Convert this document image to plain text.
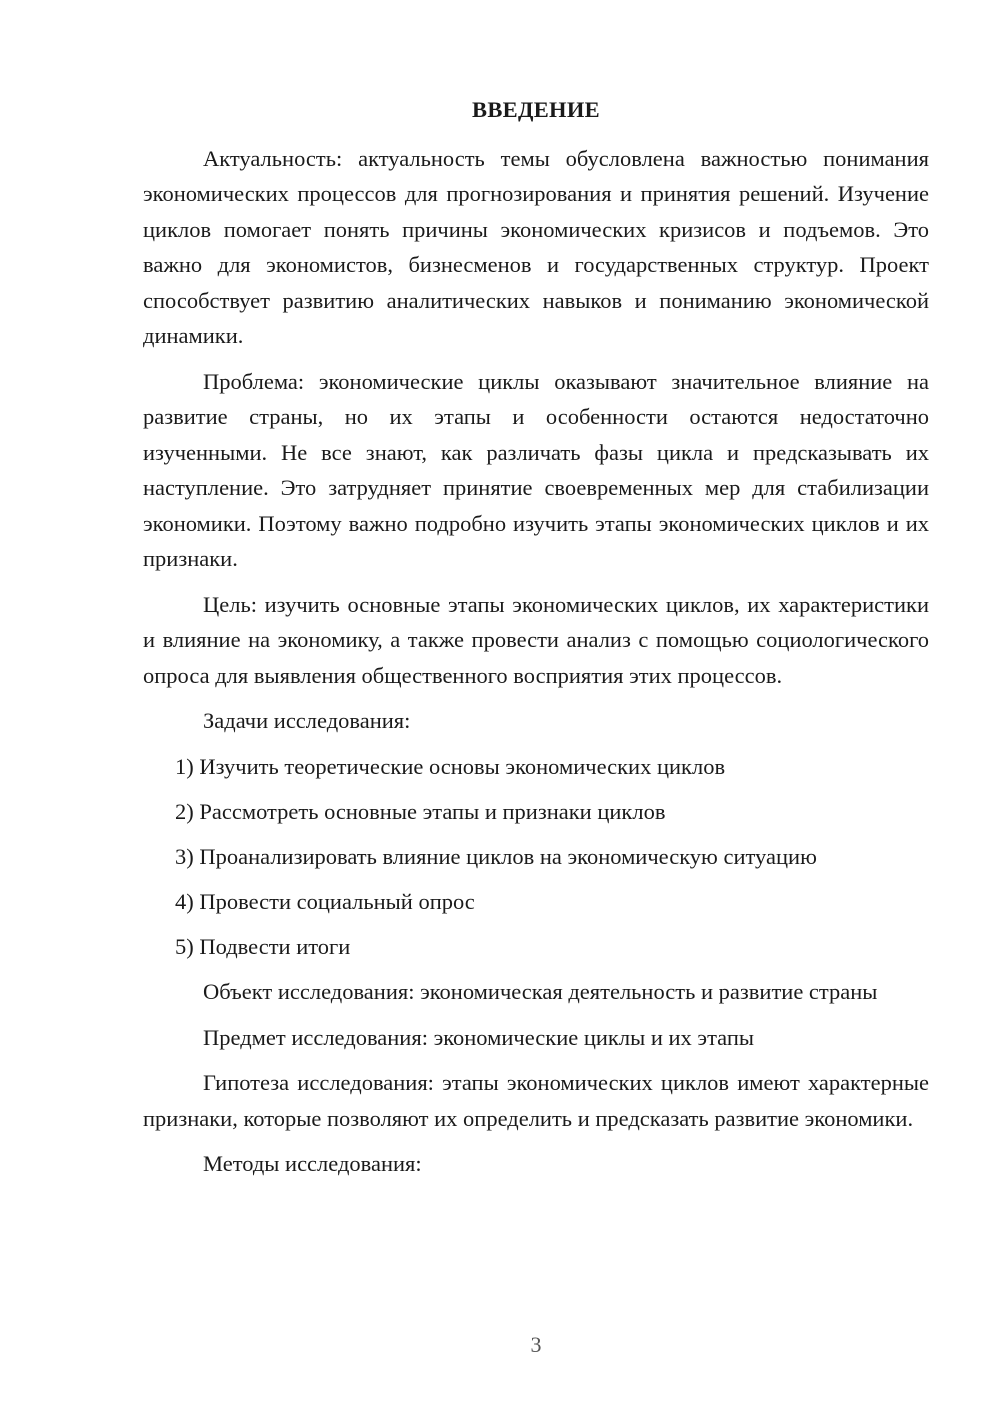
ВВЕДЕНИЕ

Актуальность: актуальность темы обусловлена важностью понимания экономических процессов для прогнозирования и принятия решений. Изучение циклов помогает понять причины экономических кризисов и подъемов. Это важно для экономистов, бизнесменов и государственных структур. Проект способствует развитию аналитических навыков и пониманию экономической динамики.

Проблема: экономические циклы оказывают значительное влияние на развитие страны, но их этапы и особенности остаются недостаточно изученными. Не все знают, как различать фазы цикла и предсказывать их наступление. Это затрудняет принятие своевременных мер для стабилизации экономики. Поэтому важно подробно изучить этапы экономических циклов и их признаки.

Цель: изучить основные этапы экономических циклов, их характеристики и влияние на экономику, а также провести анализ с помощью социологического опроса для выявления общественного восприятия этих процессов.

Задачи исследования:

1) Изучить теоретические основы экономических циклов
2) Рассмотреть основные этапы и признаки циклов
3) Проанализировать влияние циклов на экономическую ситуацию
4) Провести социальный опрос
5) Подвести итоги

Объект исследования: экономическая деятельность и развитие страны

Предмет исследования: экономические циклы и их этапы

Гипотеза исследования: этапы экономических циклов имеют характерные признаки, которые позволяют их определить и предсказать развитие экономики.

Методы исследования:

3
